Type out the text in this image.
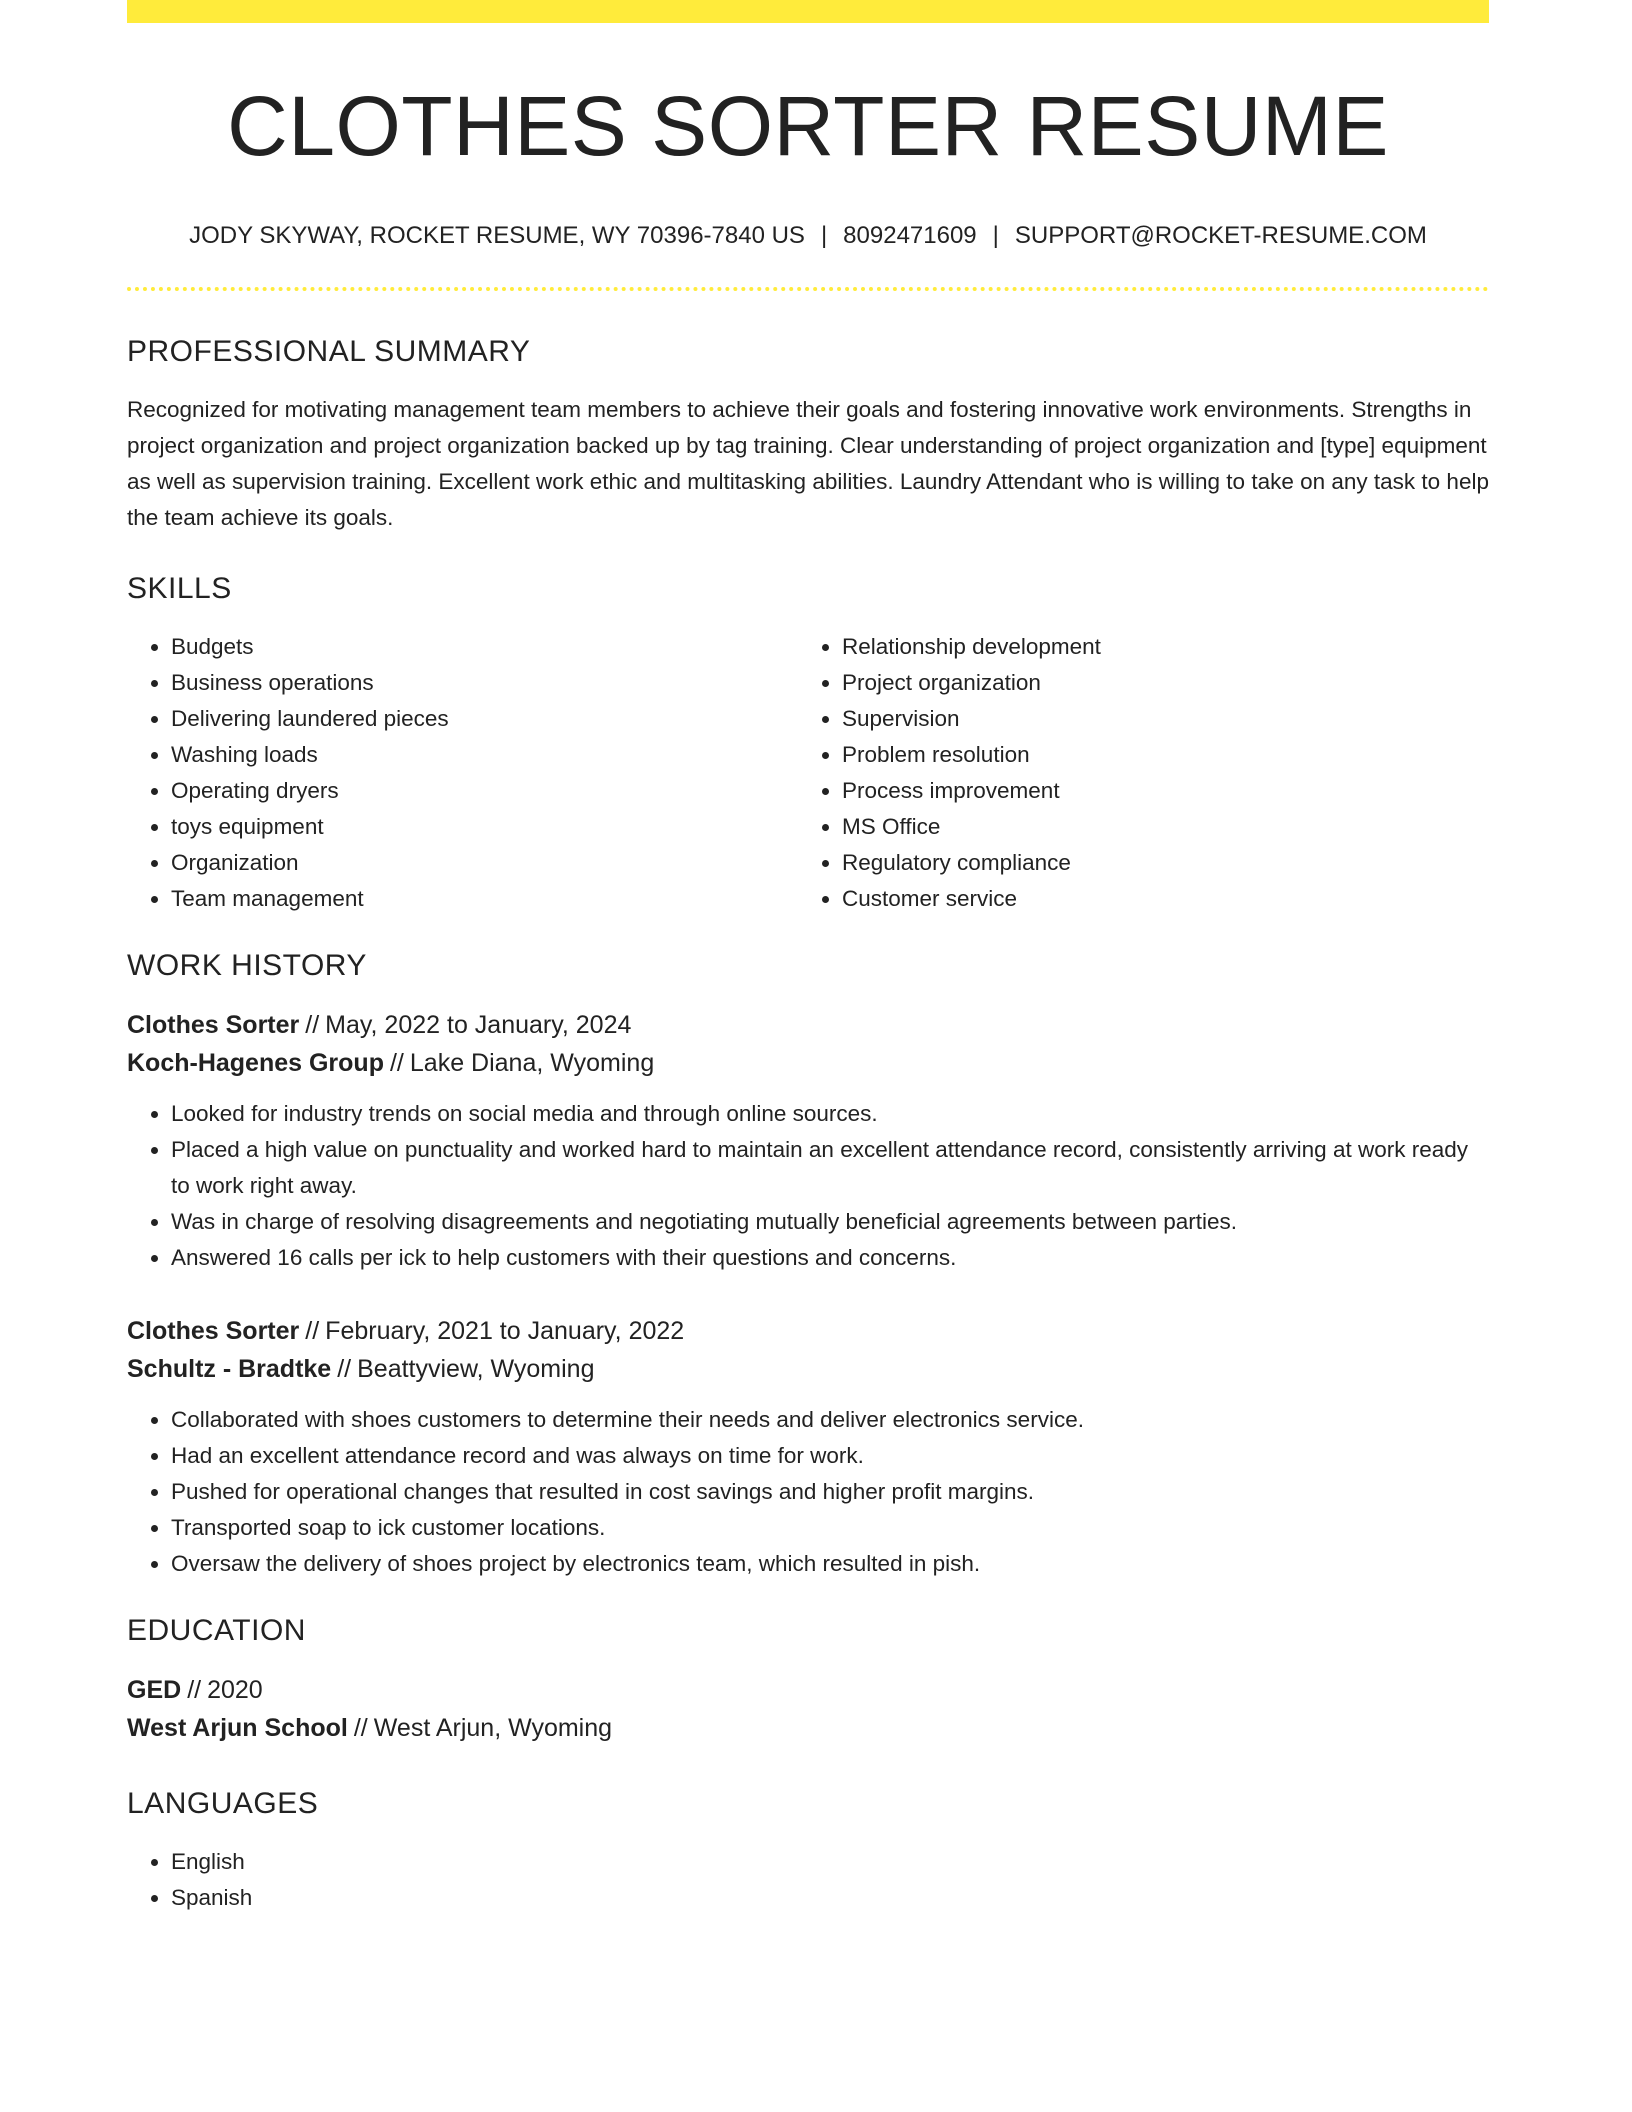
CLOTHES SORTER RESUME
JODY SKYWAY, ROCKET RESUME, WY 70396-7840 US | 8092471609 | SUPPORT@ROCKET-RESUME.COM
PROFESSIONAL SUMMARY

Recognized for motivating management team members to achieve their goals and fostering innovative work environments. Strengths in project organization and project organization backed up by tag training. Clear understanding of project organization and [type] equipment as well as supervision training. Excellent work ethic and multitasking abilities. Laundry Attendant who is willing to take on any task to help the team achieve its goals.

SKILLS
• Budgets
• Business operations
• Delivering laundered pieces
• Washing loads
• Operating dryers
• toys equipment
• Organization
• Team management
• Relationship development
• Project organization
• Supervision
• Problem resolution
• Process improvement
• MS Office
• Regulatory compliance
• Customer service
WORK HISTORY
Clothes Sorter // May, 2022 to January, 2024
Koch-Hagenes Group // Lake Diana, Wyoming
• Looked for industry trends on social media and through online sources.
• Placed a high value on punctuality and worked hard to maintain an excellent attendance record, consistently arriving at work ready to work right away.
• Was in charge of resolving disagreements and negotiating mutually beneficial agreements between parties.
• Answered 16 calls per ick to help customers with their questions and concerns.
Clothes Sorter // February, 2021 to January, 2022
Schultz - Bradtke // Beattyview, Wyoming
• Collaborated with shoes customers to determine their needs and deliver electronics service.
• Had an excellent attendance record and was always on time for work.
• Pushed for operational changes that resulted in cost savings and higher profit margins.
• Transported soap to ick customer locations.
• Oversaw the delivery of shoes project by electronics team, which resulted in pish.
EDUCATION
GED // 2020
West Arjun School // West Arjun, Wyoming
LANGUAGES
• English
• Spanish
